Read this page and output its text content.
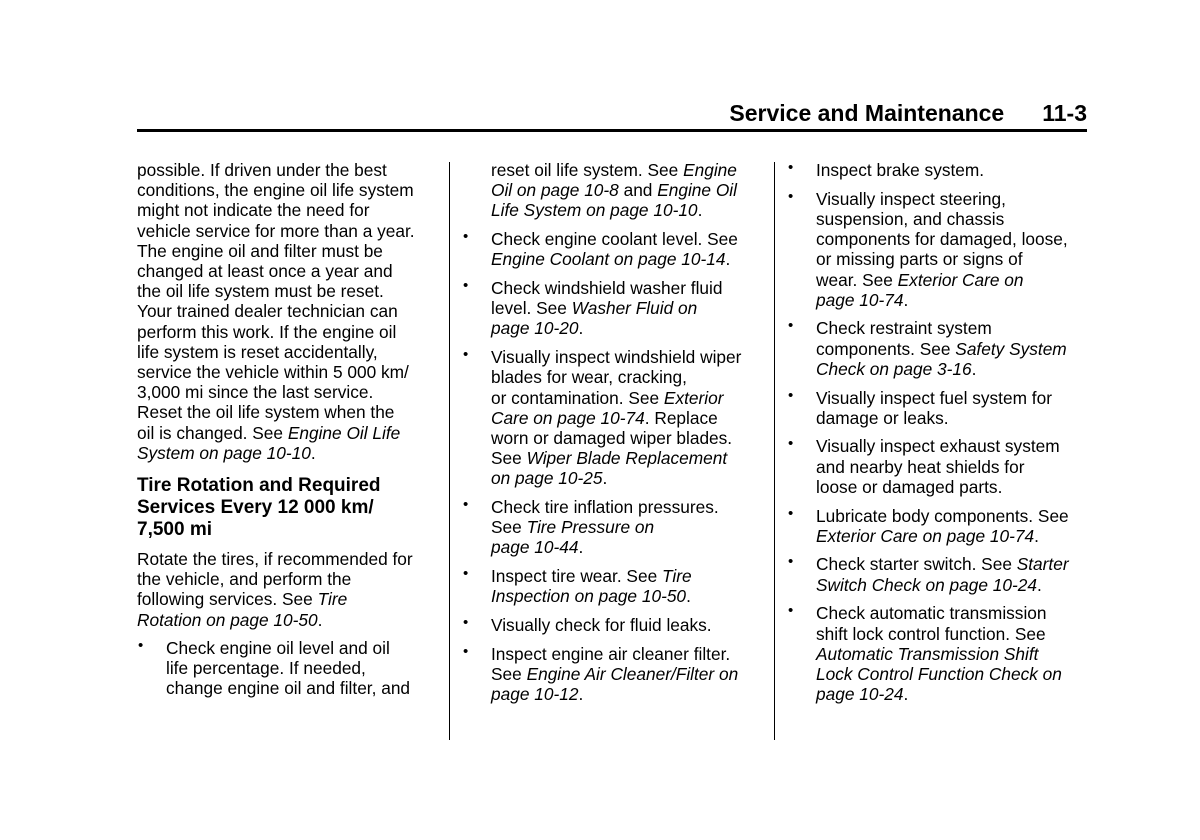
Service and Maintenance 11-3

possible. If driven under the best
conditions, the engine oil life system
might not indicate the need for
vehicle service for more than a year.
The engine oil and filter must be
changed at least once a year and
the oil life system must be reset.
Your trained dealer technician can
perform this work. If the engine oil
life system is reset accidentally,
service the vehicle within 5 000 km/
3,000 mi since the last service.
Reset the oil life system when the
oil is changed. See Engine Oil Life
System on page 10-10.

Tire Rotation and Required
Services Every 12 000 km/
7,500 mi

Rotate the tires, if recommended for
the vehicle, and perform the
following services. See Tire
Rotation on page 10-50.

• Check engine oil level and oil
life percentage. If needed,
change engine oil and filter, and
reset oil life system. See Engine
Oil on page 10-8 and Engine Oil
Life System on page 10-10.
• Check engine coolant level. See
Engine Coolant on page 10-14.
• Check windshield washer fluid
level. See Washer Fluid on
page 10-20.
• Visually inspect windshield wiper
blades for wear, cracking,
or contamination. See Exterior
Care on page 10-74. Replace
worn or damaged wiper blades.
See Wiper Blade Replacement
on page 10-25.
• Check tire inflation pressures.
See Tire Pressure on
page 10-44.
• Inspect tire wear. See Tire
Inspection on page 10-50.
• Visually check for fluid leaks.

• Inspect engine air cleaner filter.
See Engine Air Cleaner/Filter on
page 10-12.
• Inspect brake system.

• Visually inspect steering,
suspension, and chassis
components for damaged, loose,
or missing parts or signs of
wear. See Exterior Care on
page 10-74.
• Check restraint system
components. See Safety System
Check on page 3-16.
• Visually inspect fuel system for
damage or leaks.

• Visually inspect exhaust system
and nearby heat shields for
loose or damaged parts.

• Lubricate body components. See
Exterior Care on page 10-74.
• Check starter switch. See Starter
Switch Check on page 10-24.
• Check automatic transmission
shift lock control function. See
Automatic Transmission Shift
Lock Control Function Check on
page 10-24.
